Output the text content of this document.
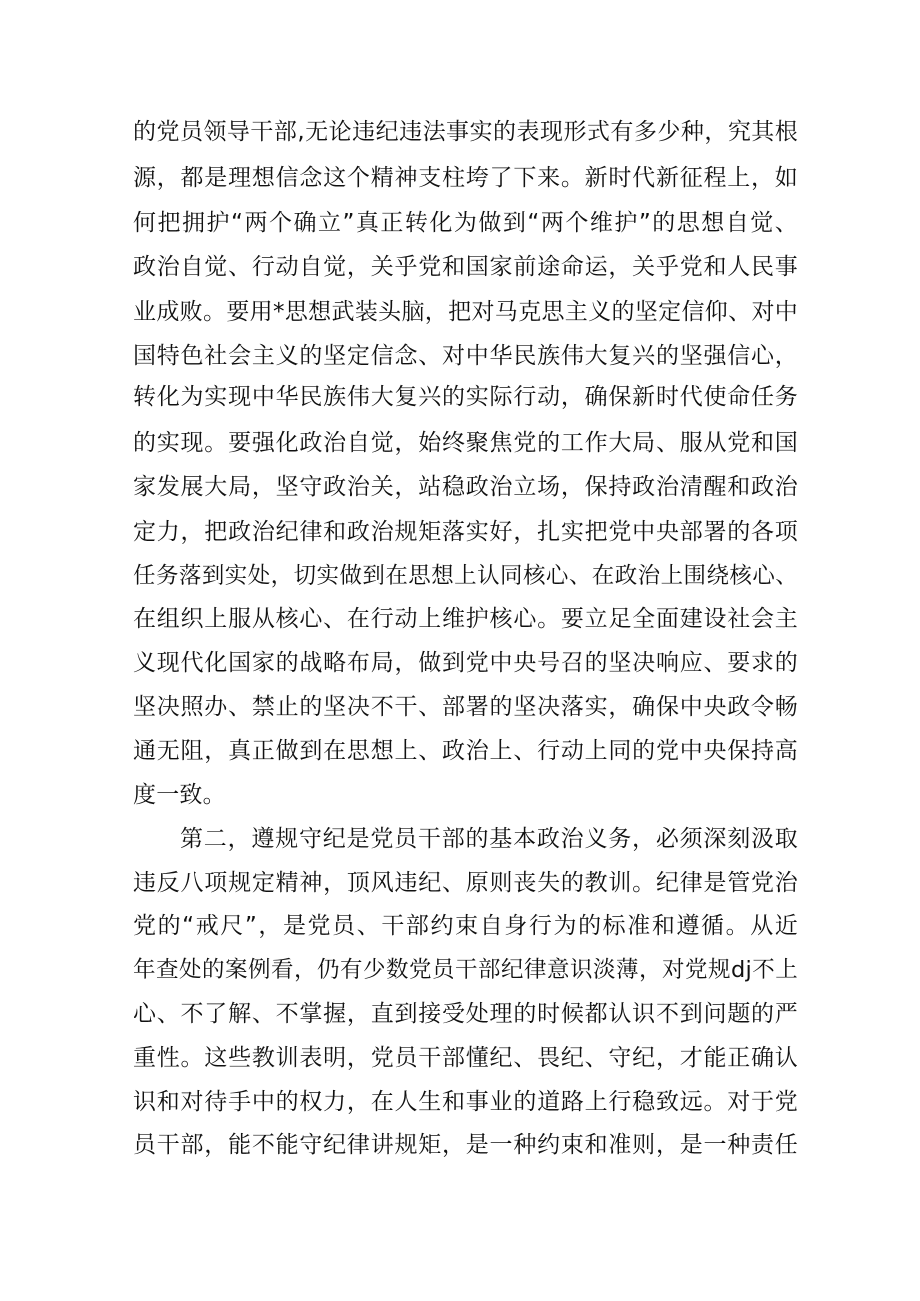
的党员领导干部,无论违纪违法事实的表现形式有多少种，究其根
源，都是理想信念这个精神支柱垮了下来。新时代新征程上，如
何把拥护“两个确立”真正转化为做到“两个维护”的思想自觉、
政治自觉、行动自觉，关乎党和国家前途命运，关乎党和人民事
业成败。要用*思想武装头脑，把对马克思主义的坚定信仰、对中
国特色社会主义的坚定信念、对中华民族伟大复兴的坚强信心，
转化为实现中华民族伟大复兴的实际行动，确保新时代使命任务
的实现。要强化政治自觉，始终聚焦党的工作大局、服从党和国
家发展大局，坚守政治关，站稳政治立场，保持政治清醒和政治
定力，把政治纪律和政治规矩落实好，扎实把党中央部署的各项
任务落到实处，切实做到在思想上认同核心、在政治上围绕核心、
在组织上服从核心、在行动上维护核心。要立足全面建设社会主
义现代化国家的战略布局，做到党中央号召的坚决响应、要求的
坚决照办、禁止的坚决不干、部署的坚决落实，确保中央政令畅
通无阻，真正做到在思想上、政治上、行动上同的党中央保持高
度一致。
第二，遵规守纪是党员干部的基本政治义务，必须深刻汲取
违反八项规定精神，顶风违纪、原则丧失的教训。纪律是管党治
党的“戒尺”，是党员、干部约束自身行为的标准和遵循。从近
年查处的案例看，仍有少数党员干部纪律意识淡薄，对党规dj不上
心、不了解、不掌握，直到接受处理的时候都认识不到问题的严
重性。这些教训表明，党员干部懂纪、畏纪、守纪，才能正确认
识和对待手中的权力，在人生和事业的道路上行稳致远。对于党
员干部，能不能守纪律讲规矩，是一种约束和准则，是一种责任
